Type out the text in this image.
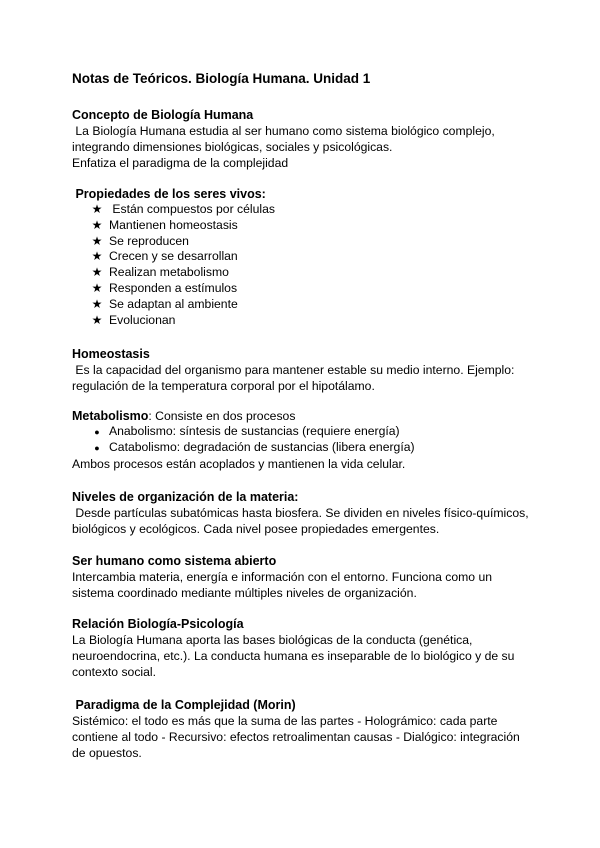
Notas de Teóricos. Biología Humana. Unidad 1
Concepto de Biología Humana
La Biología Humana estudia al ser humano como sistema biológico complejo,
integrando dimensiones biológicas, sociales y psicológicas.
Enfatiza el paradigma de la complejidad
Propiedades de los seres vivos:
★ Están compuestos por células
★ Mantienen homeostasis
★ Se reproducen
★ Crecen y se desarrollan
★ Realizan metabolismo
★ Responden a estímulos
★ Se adaptan al ambiente
★ Evolucionan
Homeostasis
Es la capacidad del organismo para mantener estable su medio interno. Ejemplo:
regulación de la temperatura corporal por el hipotálamo.
Metabolismo: Consiste en dos procesos
● Anabolismo: síntesis de sustancias (requiere energía)
● Catabolismo: degradación de sustancias (libera energía)
Ambos procesos están acoplados y mantienen la vida celular.
Niveles de organización de la materia:
Desde partículas subatómicas hasta biosfera. Se dividen en niveles físico-químicos,
biológicos y ecológicos. Cada nivel posee propiedades emergentes.
Ser humano como sistema abierto
Intercambia materia, energía e información con el entorno. Funciona como un
sistema coordinado mediante múltiples niveles de organización.
Relación Biología-Psicología
La Biología Humana aporta las bases biológicas de la conducta (genética,
neuroendocrina, etc.). La conducta humana es inseparable de lo biológico y de su
contexto social.
Paradigma de la Complejidad (Morin)
Sistémico: el todo es más que la suma de las partes - Holográmico: cada parte
contiene al todo - Recursivo: efectos retroalimentan causas - Dialógico: integración
de opuestos.
